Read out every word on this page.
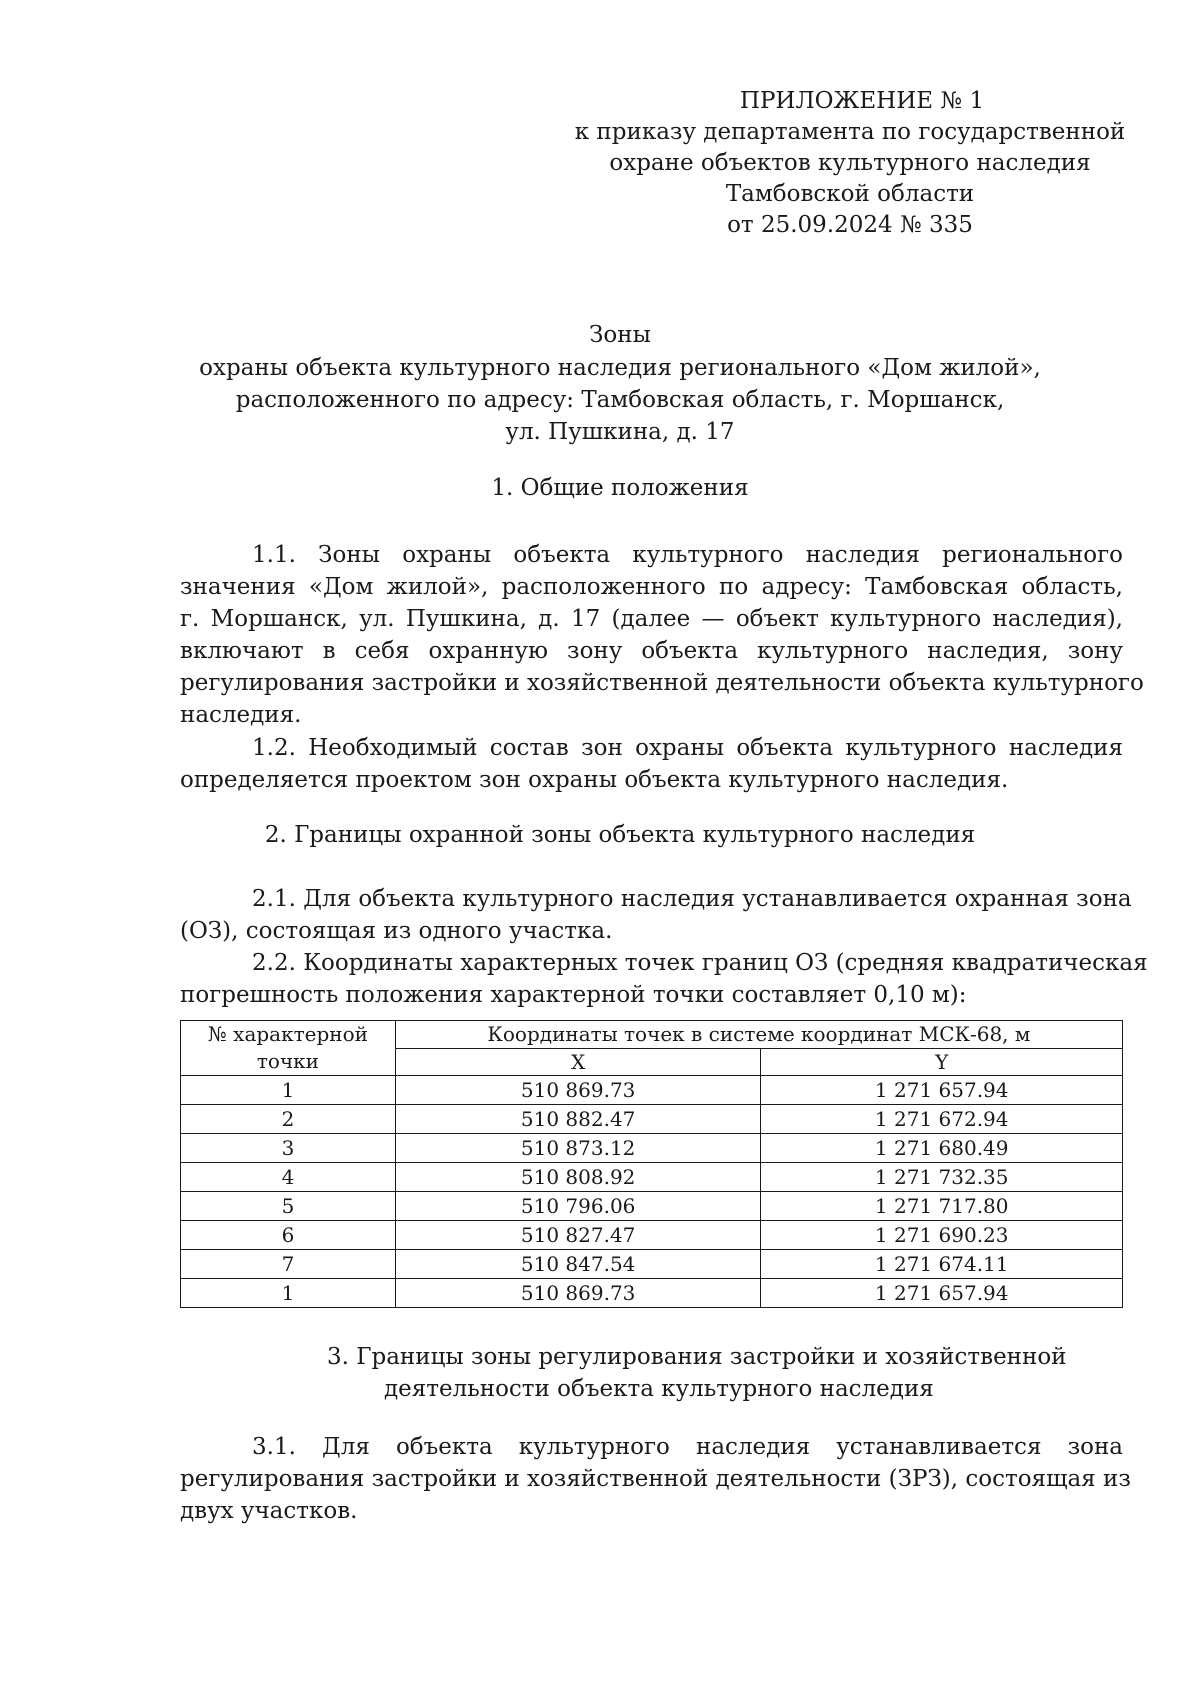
ПРИЛОЖЕНИЕ № 1
к приказу департамента по государственной
охране объектов культурного наследия
Тамбовской области
от 25.09.2024 № 335
Зоны
охраны объекта культурного наследия регионального «Дом жилой»,
расположенного по адресу: Тамбовская область, г. Моршанск,
ул. Пушкина, д. 17
1. Общие положения
1.1. Зоны охраны объекта культурного наследия регионального
значения «Дом жилой», расположенного по адресу: Тамбовская область,
г. Моршанск, ул. Пушкина, д. 17 (далее — объект культурного наследия),
включают в себя охранную зону объекта культурного наследия, зону
регулирования застройки и хозяйственной деятельности объекта культурного
наследия.
1.2. Необходимый состав зон охраны объекта культурного наследия
определяется проектом зон охраны объекта культурного наследия.
2. Границы охранной зоны объекта культурного наследия
2.1. Для объекта культурного наследия устанавливается охранная зона
(ОЗ), состоящая из одного участка.
2.2. Координаты характерных точек границ ОЗ (средняя квадратическая
погрешность положения характерной точки составляет 0,10 м):
№ характерной
точки	Координаты точек в системе координат МСК-68, м	
	X	Y
1	510 869.73	1 271 657.94
2	510 882.47	1 271 672.94
3	510 873.12	1 271 680.49
4	510 808.92	1 271 732.35
5	510 796.06	1 271 717.80
6	510 827.47	1 271 690.23
7	510 847.54	1 271 674.11
1	510 869.73	1 271 657.94
3. Границы зоны регулирования застройки и хозяйственной
деятельности объекта культурного наследия
3.1. Для объекта культурного наследия устанавливается зона
регулирования застройки и хозяйственной деятельности (ЗРЗ), состоящая из
двух участков.
